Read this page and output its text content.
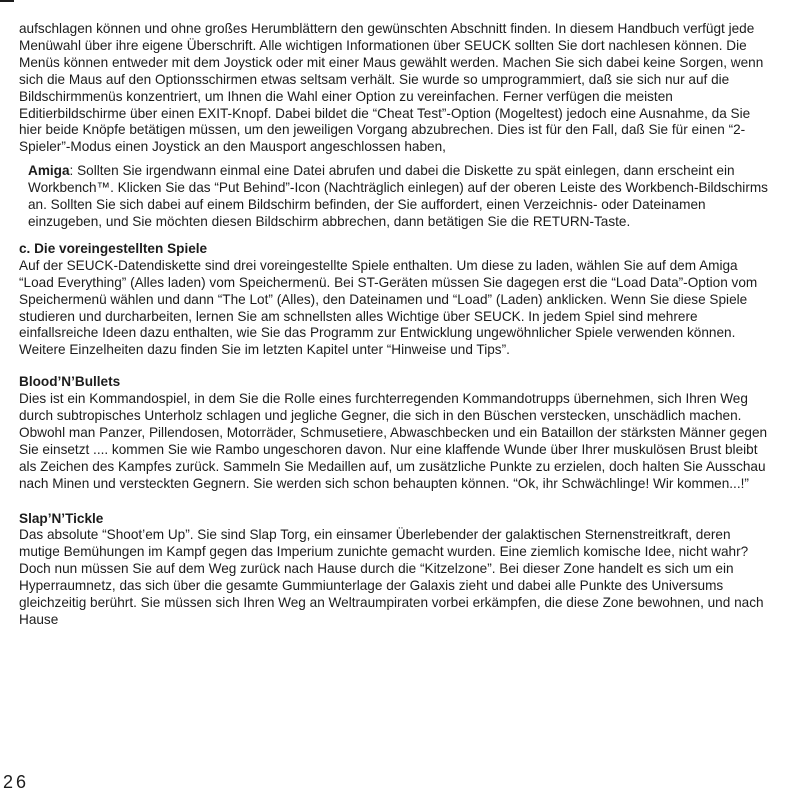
aufschlagen können und ohne großes Herumblättern den gewünschten Abschnitt finden. In diesem Handbuch verfügt jede Menüwahl über ihre eigene Überschrift. Alle wichtigen Informationen über SEUCK sollten Sie dort nachlesen können. Die Menüs können entweder mit dem Joystick oder mit einer Maus gewählt werden. Machen Sie sich dabei keine Sorgen, wenn sich die Maus auf den Optionsschirmen etwas seltsam verhält. Sie wurde so umprogrammiert, daß sie sich nur auf die Bildschirmmenüs konzentriert, um Ihnen die Wahl einer Option zu vereinfachen. Ferner verfügen die meisten Editierbildschirme über einen EXIT-Knopf. Dabei bildet die “Cheat Test”-Option (Mogeltest) jedoch eine Ausnahme, da Sie hier beide Knöpfe betätigen müssen, um den jeweiligen Vorgang abzubrechen. Dies ist für den Fall, daß Sie für einen “2-Spieler”-Modus einen Joystick an den Mausport angeschlossen haben,

Amiga: Sollten Sie irgendwann einmal eine Datei abrufen und dabei die Diskette zu spät einlegen, dann erscheint ein Workbench™. Klicken Sie das “Put Behind”-Icon (Nachträglich einlegen) auf der oberen Leiste des Workbench-Bildschirms an. Sollten Sie sich dabei auf einem Bildschirm befinden, der Sie auffordert, einen Verzeichnis- oder Dateinamen einzugeben, und Sie möchten diesen Bildschirm abbrechen, dann betätigen Sie die RETURN-Taste.

c. Die voreingestellten Spiele

Auf der SEUCK-Datendiskette sind drei voreingestellte Spiele enthalten. Um diese zu laden, wählen Sie auf dem Amiga “Load Everything” (Alles laden) vom Speichermenü. Bei ST-Geräten müssen Sie dagegen erst die “Load Data”-Option vom Speichermenü wählen und dann “The Lot” (Alles), den Dateinamen und “Load” (Laden) anklicken. Wenn Sie diese Spiele studieren und durcharbeiten, lernen Sie am schnellsten alles Wichtige über SEUCK. In jedem Spiel sind mehrere einfallsreiche Ideen dazu enthalten, wie Sie das Programm zur Entwicklung ungewöhnlicher Spiele verwenden können. Weitere Einzelheiten dazu finden Sie im letzten Kapitel unter “Hinweise und Tips”.

Blood’N’Bullets

Dies ist ein Kommandospiel, in dem Sie die Rolle eines furchterregenden Kommandotrupps übernehmen, sich Ihren Weg durch subtropisches Unterholz schlagen und jegliche Gegner, die sich in den Büschen verstecken, unschädlich machen. Obwohl man Panzer, Pillendosen, Motorräder, Schmusetiere, Abwaschbecken und ein Bataillon der stärksten Männer gegen Sie einsetzt .... kommen Sie wie Rambo ungeschoren davon. Nur eine klaffende Wunde über Ihrer muskulösen Brust bleibt als Zeichen des Kampfes zurück. Sammeln Sie Medaillen auf, um zusätzliche Punkte zu erzielen, doch halten Sie Ausschau nach Minen und versteckten Gegnern. Sie werden sich schon behaupten können. “Ok, ihr Schwächlinge! Wir kommen...!”

Slap’N’Tickle

Das absolute “Shoot’em Up”. Sie sind Slap Torg, ein einsamer Überlebender der galaktischen Sternenstreitkraft, deren mutige Bemühungen im Kampf gegen das Imperium zunichte gemacht wurden. Eine ziemlich komische Idee, nicht wahr? Doch nun müssen Sie auf dem Weg zurück nach Hause durch die “Kitzelzone”. Bei dieser Zone handelt es sich um ein Hyperraumnetz, das sich über die gesamte Gummiunterlage der Galaxis zieht und dabei alle Punkte des Universums gleichzeitig berührt. Sie müssen sich Ihren Weg an Weltraumpiraten vorbei erkämpfen, die diese Zone bewohnen, und nach Hause

26
